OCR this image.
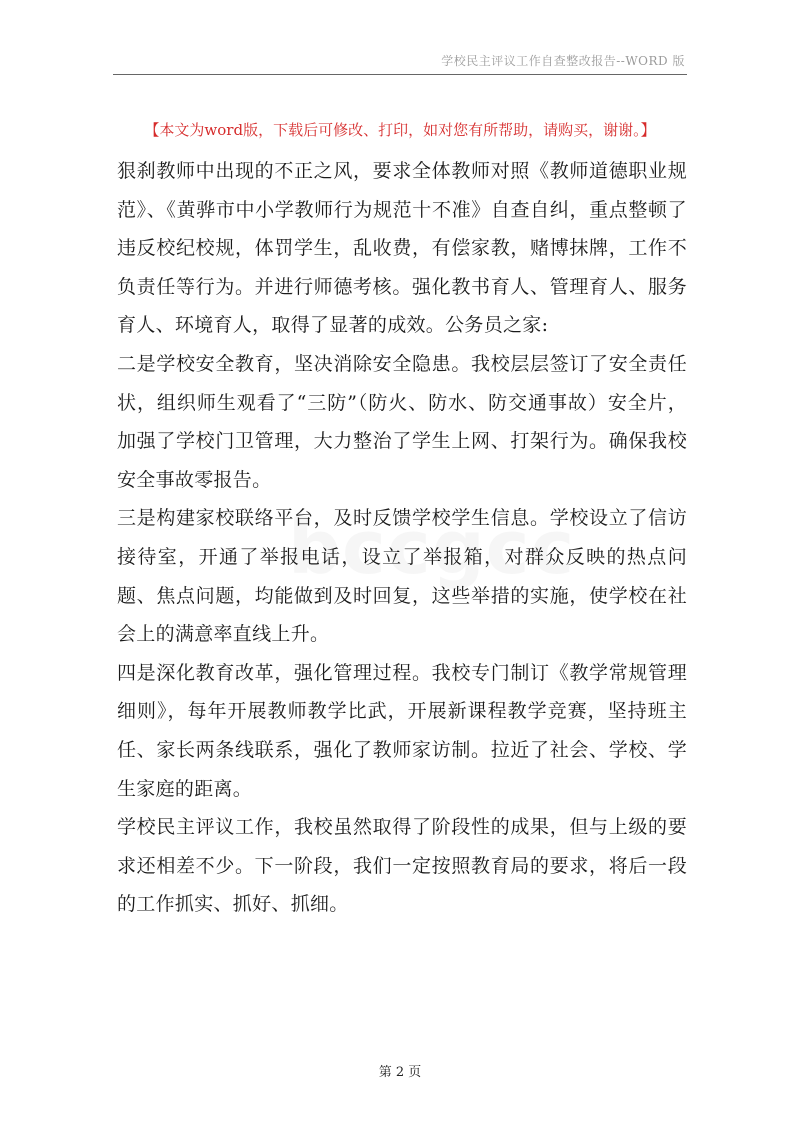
学校民主评议工作自查整改报告--WORD 版
【本文为word版，下载后可修改、打印，如对您有所帮助，请购买，谢谢。】

狠刹教师中出现的不正之风，要求全体教师对照《教师道德职业规范》、《黄骅市中小学教师行为规范十不准》自查自纠，重点整顿了违反校纪校规，体罚学生，乱收费，有偿家教，赌博抹牌，工作不负责任等行为。并进行师德考核。强化教书育人、管理育人、服务育人、环境育人，取得了显著的成效。公务员之家:

二是学校安全教育，坚决消除安全隐患。我校层层签订了安全责任状，组织师生观看了“三防”（防火、防水、防交通事故）安全片，加强了学校门卫管理，大力整治了学生上网、打架行为。确保我校安全事故零报告。

三是构建家校联络平台，及时反馈学校学生信息。学校设立了信访接待室，开通了举报电话，设立了举报箱，对群众反映的热点问题、焦点问题，均能做到及时回复，这些举措的实施，使学校在社会上的满意率直线上升。

四是深化教育改革，强化管理过程。我校专门制订《教学常规管理细则》，每年开展教师教学比武，开展新课程教学竞赛，坚持班主任、家长两条线联系，强化了教师家访制。拉近了社会、学校、学生家庭的距离。

学校民主评议工作，我校虽然取得了阶段性的成果，但与上级的要求还相差不少。下一阶段，我们一定按照教育局的要求，将后一段的工作抓实、抓好、抓细。

第 2 页
